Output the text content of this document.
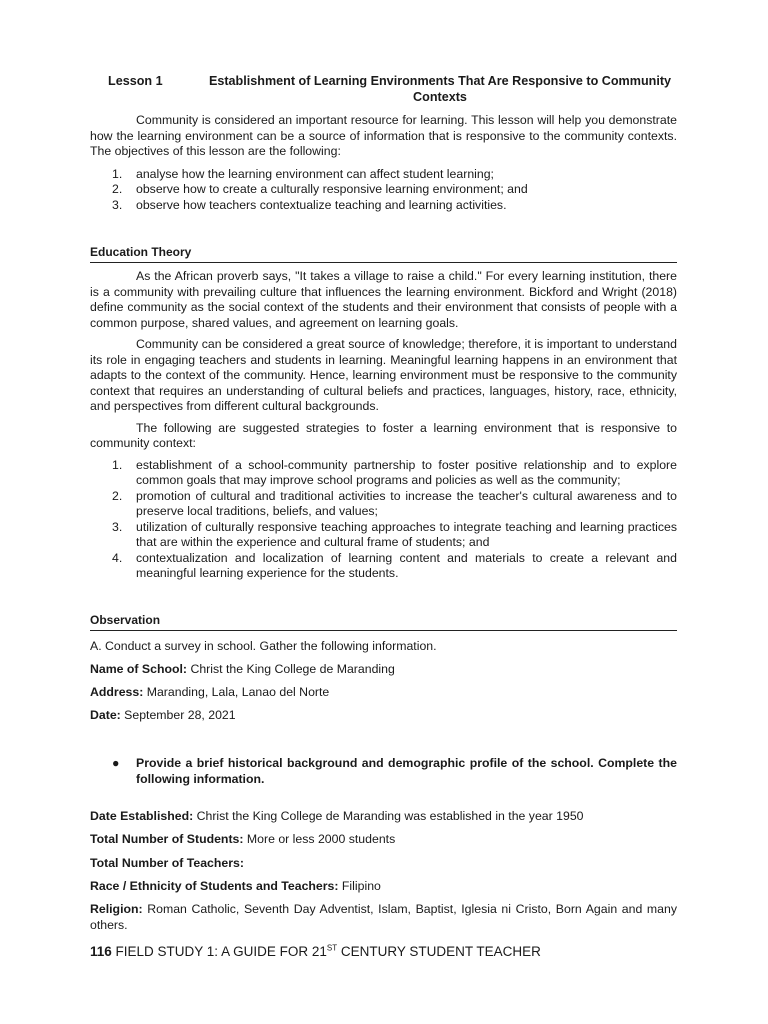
Lesson 1	Establishment of Learning Environments That Are Responsive to Community Contexts

Community is considered an important resource for learning. This lesson will help you demonstrate how the learning environment can be a source of information that is responsive to the community contexts. The objectives of this lesson are the following:

1. analyse how the learning environment can affect student learning;
2. observe how to create a culturally responsive learning environment; and
3. observe how teachers contextualize teaching and learning activities.
Education Theory

As the African proverb says, "It takes a village to raise a child." For every learning institution, there is a community with prevailing culture that influences the learning environment. Bickford and Wright (2018) define community as the social context of the students and their environment that consists of people with a common purpose, shared values, and agreement on learning goals.

Community can be considered a great source of knowledge; therefore, it is important to understand its role in engaging teachers and students in learning. Meaningful learning happens in an environment that adapts to the context of the community. Hence, learning environment must be responsive to the community context that requires an understanding of cultural beliefs and practices, languages, history, race, ethnicity, and perspectives from different cultural backgrounds.

The following are suggested strategies to foster a learning environment that is responsive to community context:

1. establishment of a school-community partnership to foster positive relationship and to explore common goals that may improve school programs and policies as well as the community;
2. promotion of cultural and traditional activities to increase the teacher's cultural awareness and to preserve local traditions, beliefs, and values;
3. utilization of culturally responsive teaching approaches to integrate teaching and learning practices that are within the experience and cultural frame of students; and
4. contextualization and localization of learning content and materials to create a relevant and meaningful learning experience for the students.
Observation
A. Conduct a survey in school. Gather the following information.
Name of School: Christ the King College de Maranding
Address: Maranding, Lala, Lanao del Norte
Date: September 28, 2021
●	Provide a brief historical background and demographic profile of the school. Complete the following information.
Date Established: Christ the King College de Maranding was established in the year 1950
Total Number of Students: More or less 2000 students
Total Number of Teachers:
Race / Ethnicity of Students and Teachers: Filipino
Religion: Roman Catholic, Seventh Day Adventist, Islam, Baptist, Iglesia ni Cristo, Born Again and many others.
116 FIELD STUDY 1: A GUIDE FOR 21ST CENTURY STUDENT TEACHER
